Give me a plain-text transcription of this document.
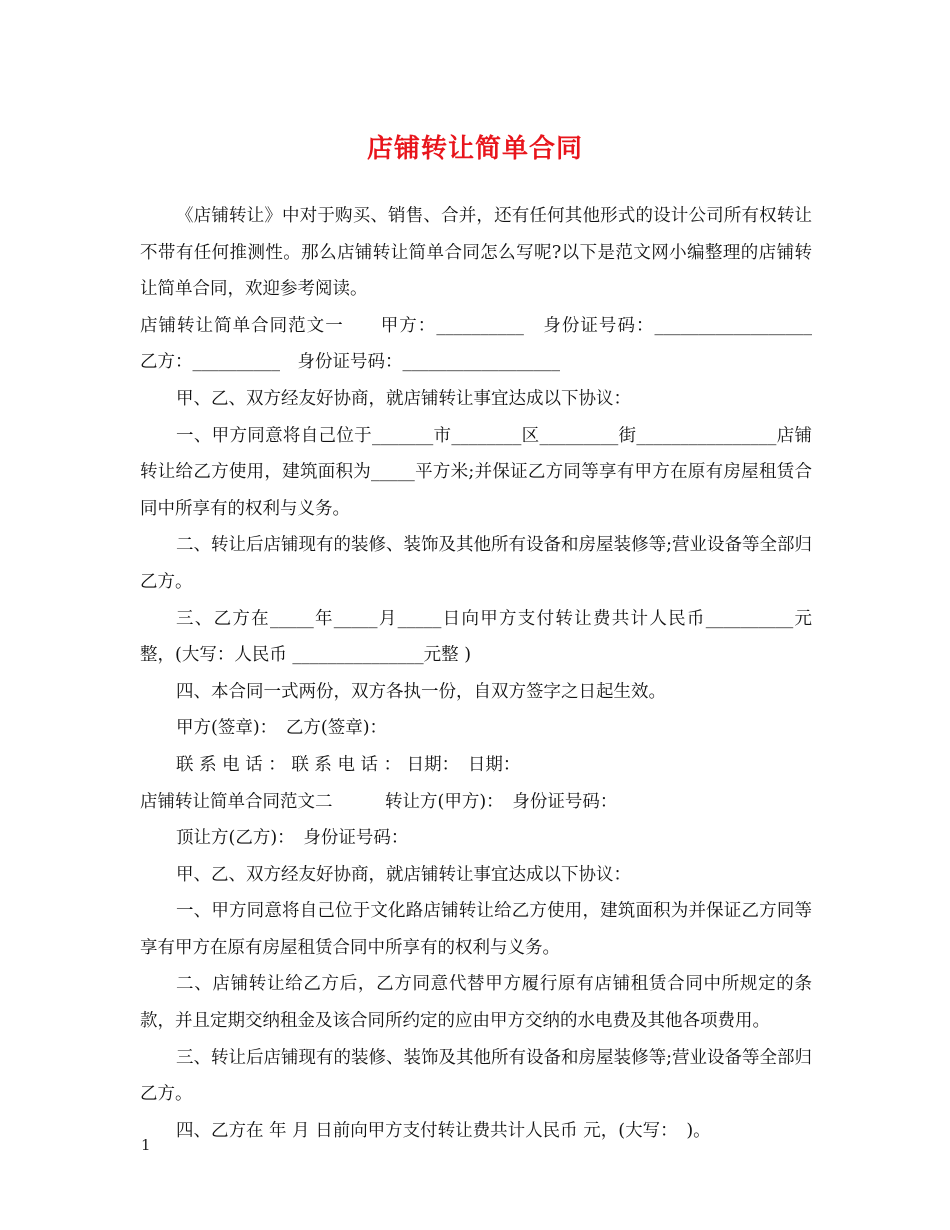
店铺转让简单合同

《店铺转让》中对于购买、销售、合并，还有任何其他形式的设计公司所有权转让不带有任何推测性。那么店铺转让简单合同怎么写呢?以下是范文网小编整理的店铺转让简单合同，欢迎参考阅读。

店铺转让简单合同范文一　　甲方：__________　身份证号码：__________________　乙方：__________　身份证号码：__________________

甲、乙、双方经友好协商，就店铺转让事宜达成以下协议：

一、甲方同意将自己位于_______市________区_________街________________店铺转让给乙方使用，建筑面积为_____平方米;并保证乙方同等享有甲方在原有房屋租赁合同中所享有的权利与义务。

二、转让后店铺现有的装修、装饰及其他所有设备和房屋装修等;营业设备等全部归乙方。

三、乙方在_____年_____月_____日向甲方支付转让费共计人民币__________元整，(大写：人民币 _______________元整 )

四、本合同一式两份，双方各执一份，自双方签字之日起生效。

甲方(签章)：　乙方(签章)：

联 系 电 话 ： 联 系 电 话 ： 日期：　日期：

店铺转让简单合同范文二　　　转让方(甲方)：　身份证号码：

顶让方(乙方)：　身份证号码：

甲、乙、双方经友好协商，就店铺转让事宜达成以下协议：

一、甲方同意将自己位于文化路店铺转让给乙方使用，建筑面积为并保证乙方同等享有甲方在原有房屋租赁合同中所享有的权利与义务。

二、店铺转让给乙方后，乙方同意代替甲方履行原有店铺租赁合同中所规定的条款，并且定期交纳租金及该合同所约定的应由甲方交纳的水电费及其他各项费用。

三、转让后店铺现有的装修、装饰及其他所有设备和房屋装修等;营业设备等全部归乙方。

四、乙方在 年 月 日前向甲方支付转让费共计人民币 元，(大写：　)。

1
